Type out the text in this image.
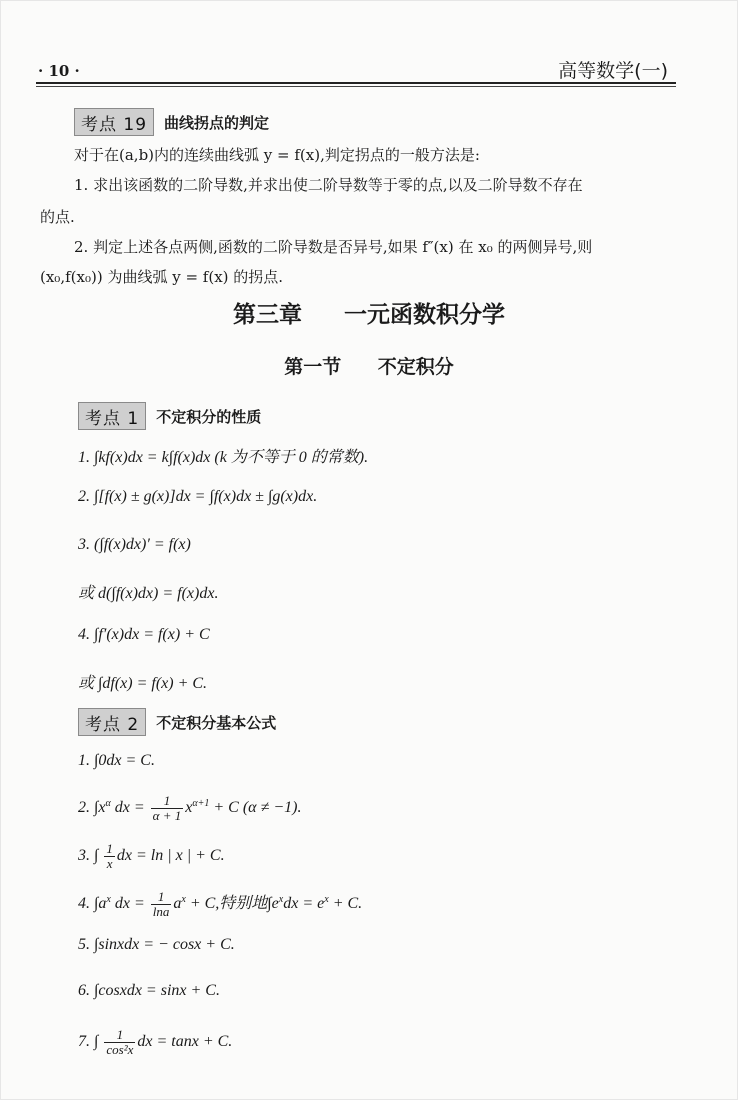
· 10 ·	高等数学(一)
考点 19	曲线拐点的判定
对于在(a,b)内的连续曲线弧 y = f(x),判定拐点的一般方法是:
1. 求出该函数的二阶导数,并求出使二阶导数等于零的点,以及二阶导数不存在
的点.
2. 判定上述各点两侧,函数的二阶导数是否异号,如果 f″(x) 在 x₀ 的两侧异号,则
(x₀,f(x₀)) 为曲线弧 y = f(x) 的拐点.
第三章 一元函数积分学
第一节 不定积分
考点 1	不定积分的性质
1. ∫kf(x)dx = k∫f(x)dx (k 为不等于 0 的常数).
2. ∫[f(x) ± g(x)]dx = ∫f(x)dx ± ∫g(x)dx.
3. (∫f(x)dx)′ = f(x)
或 d(∫f(x)dx) = f(x)dx.
4. ∫f′(x)dx = f(x) + C
或 ∫df(x) = f(x) + C.
考点 2	不定积分基本公式
1. ∫0dx = C.
2. $\int x^\alpha$ dx = $\frac{1}{\alpha + 1} x^{\alpha+1} + C$ (α ≠ −1).
3. ∫ $\frac{1}{x}$ dx = ln | x | + C.
4. $\int a^x$ dx = $\frac{1}{\ln a} a^x + C$,特别地$\int e^xdx = e^x + C$.
5. ∫sinxdx = − cosx + C.
6. ∫cosxdx = sinx + C.
7. ∫ $\frac{1}{\text{cos²x}}$ dx = tanx + C.
